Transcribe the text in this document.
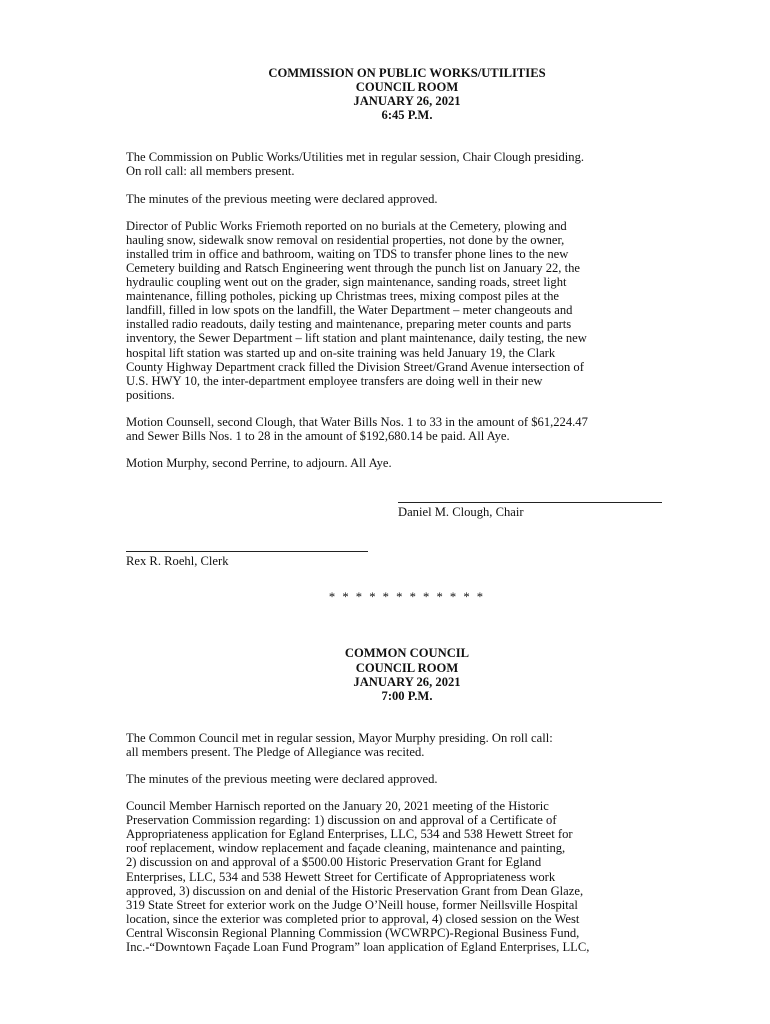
COMMISSION ON PUBLIC WORKS/UTILITIES
COUNCIL ROOM
JANUARY 26, 2021
6:45 P.M.

The Commission on Public Works/Utilities met in regular session, Chair Clough presiding.
On roll call: all members present.

The minutes of the previous meeting were declared approved.

Director of Public Works Friemoth reported on no burials at the Cemetery, plowing and
hauling snow, sidewalk snow removal on residential properties, not done by the owner,
installed trim in office and bathroom, waiting on TDS to transfer phone lines to the new
Cemetery building and Ratsch Engineering went through the punch list on January 22, the
hydraulic coupling went out on the grader, sign maintenance, sanding roads, street light
maintenance, filling potholes, picking up Christmas trees, mixing compost piles at the
landfill, filled in low spots on the landfill, the Water Department – meter changeouts and
installed radio readouts, daily testing and maintenance, preparing meter counts and parts
inventory, the Sewer Department – lift station and plant maintenance, daily testing, the new
hospital lift station was started up and on-site training was held January 19, the Clark
County Highway Department crack filled the Division Street/Grand Avenue intersection of
U.S. HWY 10, the inter-department employee transfers are doing well in their new
positions.

Motion Counsell, second Clough, that Water Bills Nos. 1 to 33 in the amount of $61,224.47
and Sewer Bills Nos. 1 to 28 in the amount of $192,680.14 be paid. All Aye.

Motion Murphy, second Perrine, to adjourn. All Aye.

Daniel M. Clough, Chair
Rex R. Roehl, Clerk
* * * * * * * * * * * *
COMMON COUNCIL
COUNCIL ROOM
JANUARY 26, 2021
7:00 P.M.

The Common Council met in regular session, Mayor Murphy presiding. On roll call:
all members present. The Pledge of Allegiance was recited.

The minutes of the previous meeting were declared approved.

Council Member Harnisch reported on the January 20, 2021 meeting of the Historic
Preservation Commission regarding: 1) discussion on and approval of a Certificate of
Appropriateness application for Egland Enterprises, LLC, 534 and 538 Hewett Street for
roof replacement, window replacement and façade cleaning, maintenance and painting,
2) discussion on and approval of a $500.00 Historic Preservation Grant for Egland
Enterprises, LLC, 534 and 538 Hewett Street for Certificate of Appropriateness work
approved, 3) discussion on and denial of the Historic Preservation Grant from Dean Glaze,
319 State Street for exterior work on the Judge O’Neill house, former Neillsville Hospital
location, since the exterior was completed prior to approval, 4) closed session on the West
Central Wisconsin Regional Planning Commission (WCWRPC)-Regional Business Fund,
Inc.-“Downtown Façade Loan Fund Program” loan application of Egland Enterprises, LLC,
